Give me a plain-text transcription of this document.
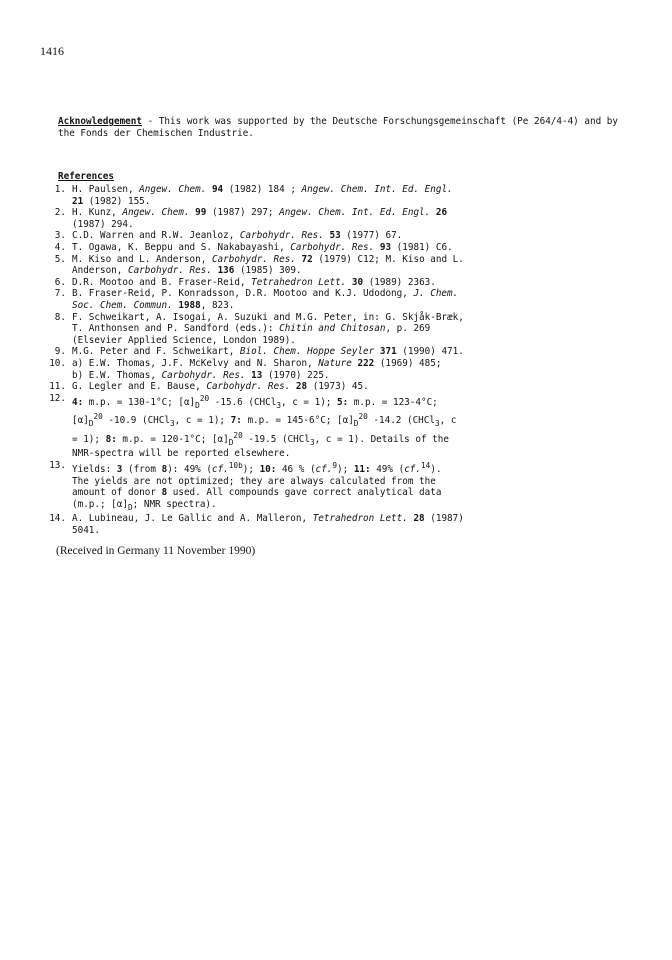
1416
Acknowledgement - This work was supported by the Deutsche Forschungsgemeinschaft (Pe 264/4-4) and by the Fonds der Chemischen Industrie.
References
1. H. Paulsen, Angew. Chem. 94 (1982) 184 ; Angew. Chem. Int. Ed. Engl.
21 (1982) 155.
2. H. Kunz, Angew. Chem. 99 (1987) 297; Angew. Chem. Int. Ed. Engl. 26
(1987) 294.
3. C.D. Warren and R.W. Jeanloz, Carbohydr. Res. 53 (1977) 67.
4. T. Ogawa, K. Beppu and S. Nakabayashi, Carbohydr. Res. 93 (1981) C6.
5. M. Kiso and L. Anderson, Carbohydr. Res. 72 (1979) C12; M. Kiso and L.
Anderson, Carbohydr. Res. 136 (1985) 309.
6. D.R. Mootoo and B. Fraser-Reid, Tetrahedron Lett. 30 (1989) 2363.
7. B. Fraser-Reid, P. Konradsson, D.R. Mootoo and K.J. Udodong, J. Chem.
Soc. Chem. Commun. 1988, 823.
8. F. Schweikart, A. Isogai, A. Suzuki and M.G. Peter, in: G. Skjåk-Bræk,
T. Anthonsen and P. Sandford (eds.): Chitin and Chitosan, p. 269
(Elsevier Applied Science, London 1989).
9. M.G. Peter and F. Schweikart, Biol. Chem. Hoppe Seyler 371 (1990) 471.
10. a) E.W. Thomas, J.F. McKelvy and N. Sharon, Nature 222 (1969) 485;
b) E.W. Thomas, Carbohydr. Res. 13 (1970) 225.
11. G. Legler and E. Bause, Carbohydr. Res. 28 (1973) 45.
12. 4: m.p. = 130-1°C; $[\alpha]_D^{20}$ -15.6 (CHCl$_3$, c = 1); 5: m.p. = 123-4°C;
$[\alpha]_D^{20}$ -10.9 (CHCl$_3$, c = 1); 7: m.p. = 145-6°C; $[\alpha]_D^{20}$ -14.2 (CHCl$_3$, c
= 1); 8: m.p. = 120-1°C; $[\alpha]_D^{20}$ -19.5 (CHCl$_3$, c = 1). Details of the
NMR-spectra will be reported elsewhere.
13. Yields: 3 (from 8): 49% (cf.$^{10b}$); 10: 46 % (cf.$^9$); 11: 49% (cf.$^{14}$).
The yields are not optimized; they are always calculated from the
amount of donor 8 used. All compounds gave correct analytical data
(m.p.; $[\alpha]_D$; NMR spectra).
14. A. Lubineau, J. Le Gallic and A. Malleron, Tetrahedron Lett. 28 (1987)
5041.
(Received in Germany 11 November 1990)
